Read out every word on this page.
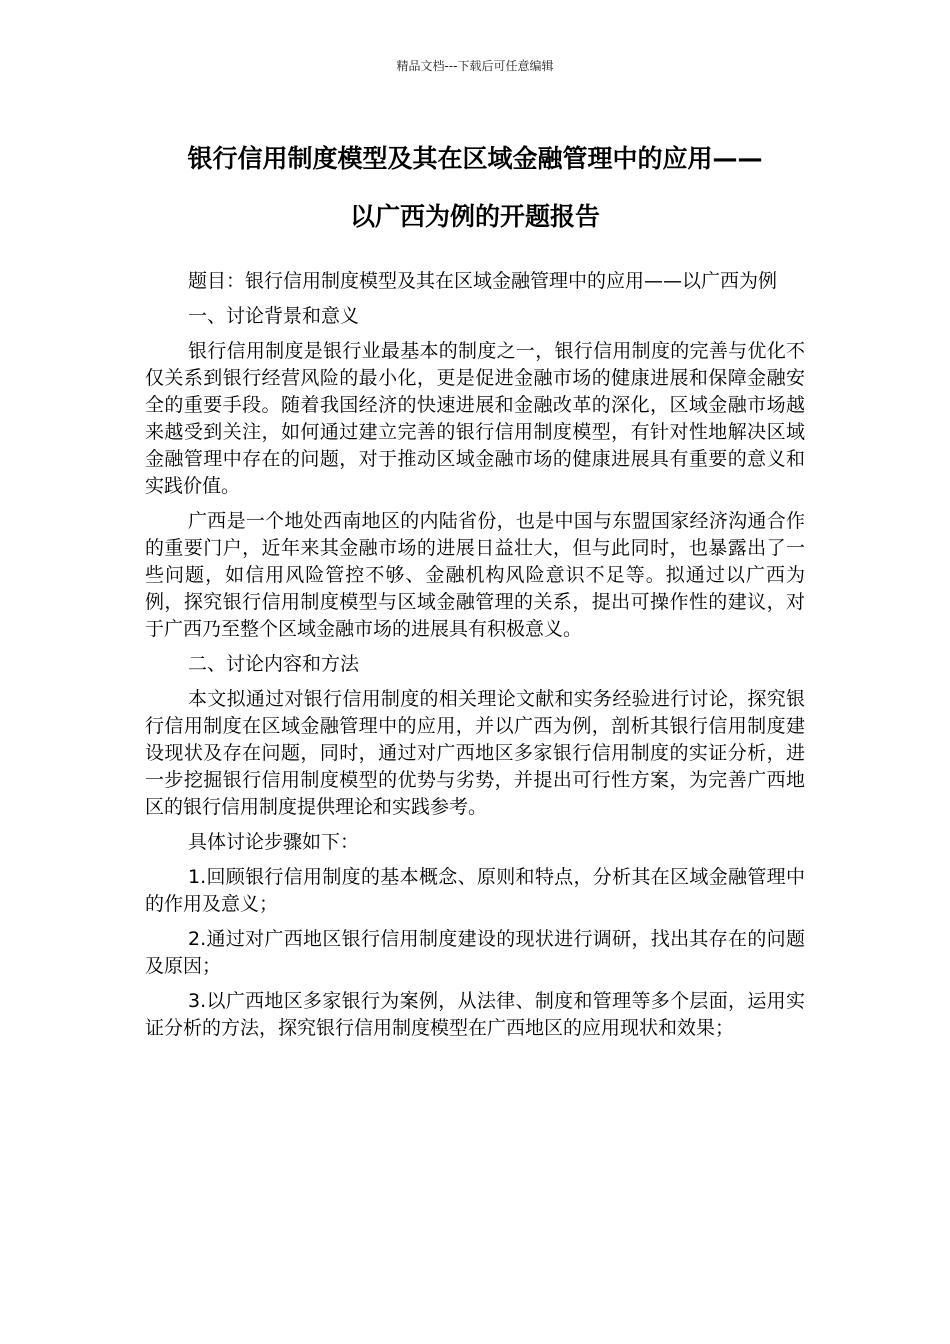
精品文档---下载后可任意编辑
银行信用制度模型及其在区域金融管理中的应用——
以广西为例的开题报告

题目：银行信用制度模型及其在区域金融管理中的应用——以广西为例

一、讨论背景和意义

银行信用制度是银行业最基本的制度之一，银行信用制度的完善与优化不仅关系到银行经营风险的最小化，更是促进金融市场的健康进展和保障金融安全的重要手段。随着我国经济的快速进展和金融改革的深化，区域金融市场越来越受到关注，如何通过建立完善的银行信用制度模型，有针对性地解决区域金融管理中存在的问题，对于推动区域金融市场的健康进展具有重要的意义和实践价值。

广西是一个地处西南地区的内陆省份，也是中国与东盟国家经济沟通合作的重要门户，近年来其金融市场的进展日益壮大，但与此同时，也暴露出了一些问题，如信用风险管控不够、金融机构风险意识不足等。拟通过以广西为例，探究银行信用制度模型与区域金融管理的关系，提出可操作性的建议，对于广西乃至整个区域金融市场的进展具有积极意义。

二、讨论内容和方法

本文拟通过对银行信用制度的相关理论文献和实务经验进行讨论，探究银行信用制度在区域金融管理中的应用，并以广西为例，剖析其银行信用制度建设现状及存在问题，同时，通过对广西地区多家银行信用制度的实证分析，进一步挖掘银行信用制度模型的优势与劣势，并提出可行性方案，为完善广西地区的银行信用制度提供理论和实践参考。

具体讨论步骤如下：

1.回顾银行信用制度的基本概念、原则和特点，分析其在区域金融管理中的作用及意义；

2.通过对广西地区银行信用制度建设的现状进行调研，找出其存在的问题及原因；

3.以广西地区多家银行为案例，从法律、制度和管理等多个层面，运用实证分析的方法，探究银行信用制度模型在广西地区的应用现状和效果；
